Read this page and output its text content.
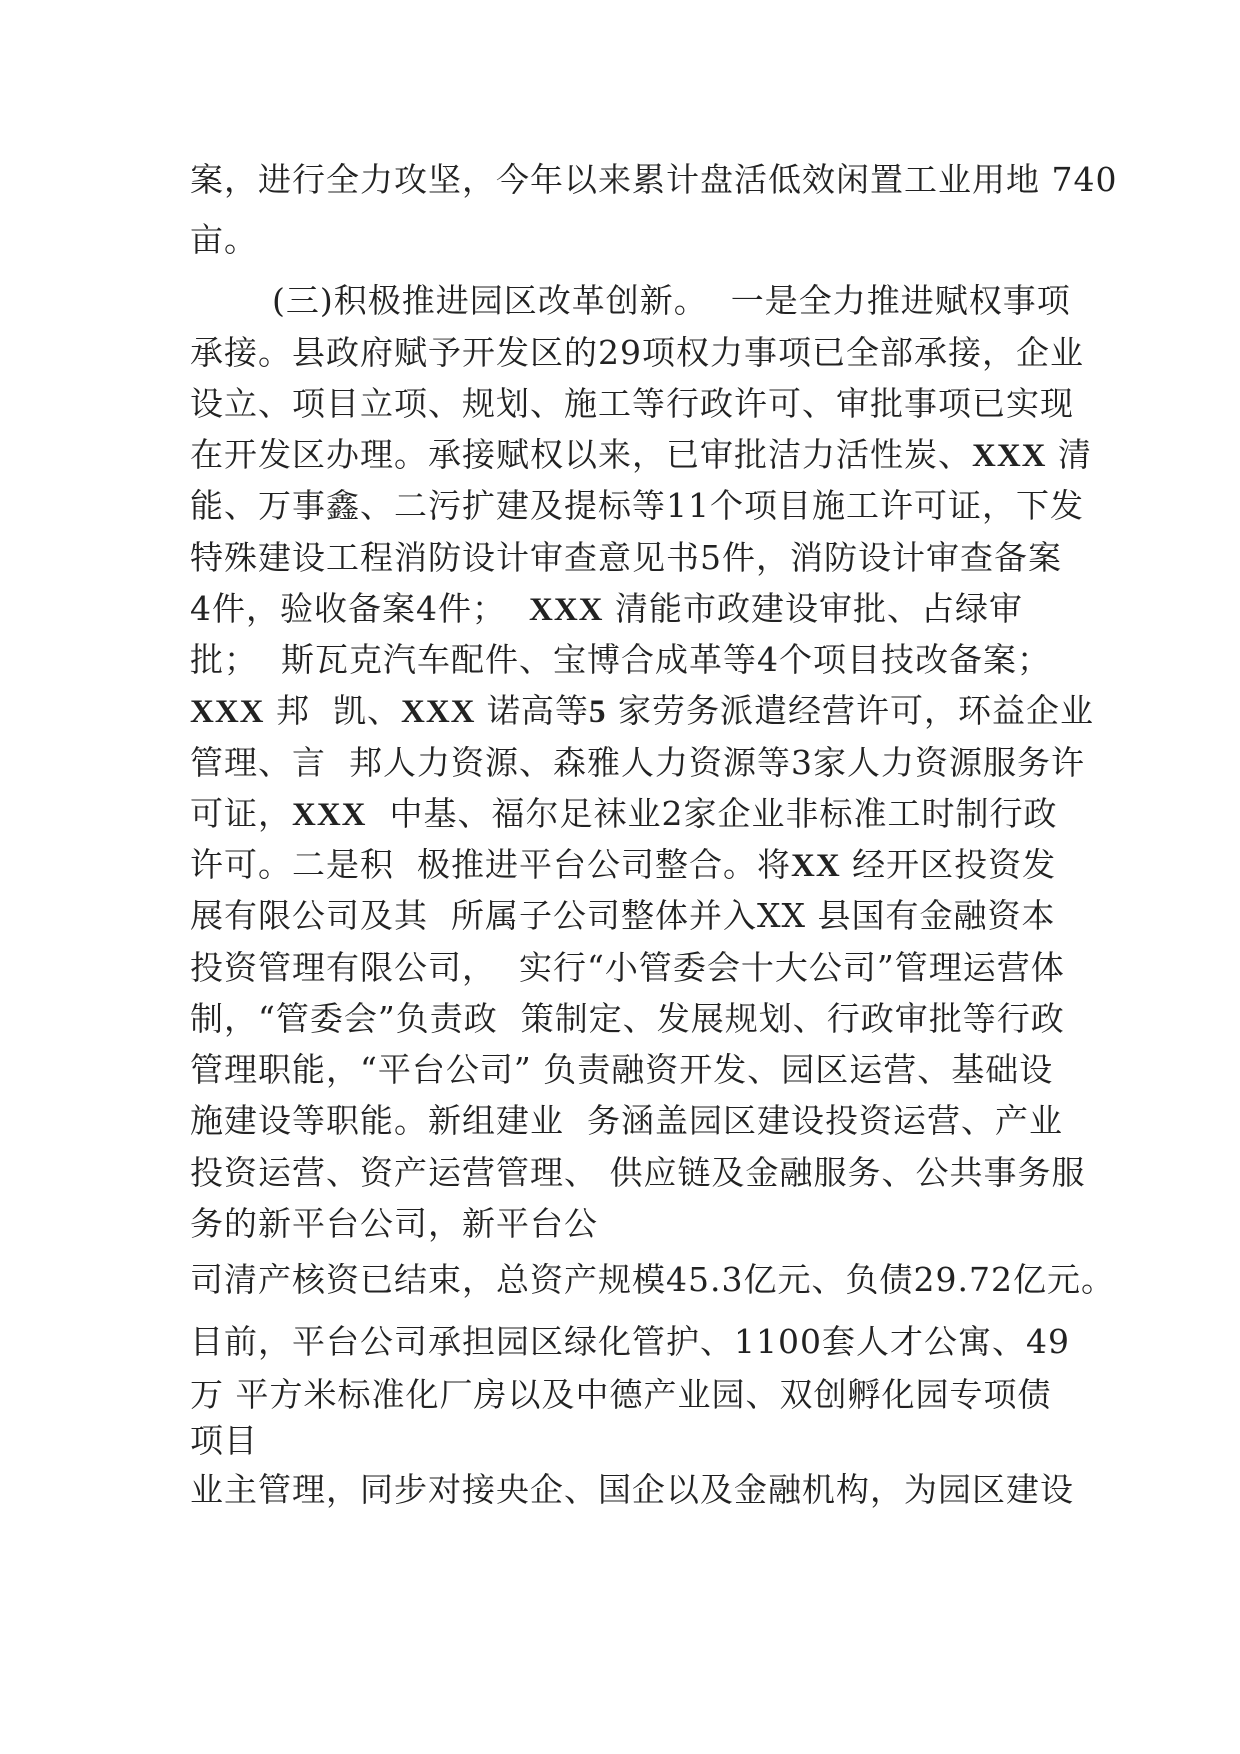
案，进行全力攻坚，今年以来累计盘活低效闲置工业用地 740
亩。
(三)积极推进园区改革创新。  一是全力推进赋权事项
承接。县政府赋予开发区的29项权力事项已全部承接，企业
设立、项目立项、规划、施工等行政许可、审批事项已实现
在开发区办理。承接赋权以来，已审批洁力活性炭、XXX 清
能、万事鑫、二污扩建及提标等11个项目施工许可证，下发
特殊建设工程消防设计审查意见书5件，消防设计审查备案
4件，验收备案4件；  XXX 清能市政建设审批、占绿审
批；  斯瓦克汽车配件、宝博合成革等4个项目技改备案；
XXX 邦  凯、XXX 诺高等5 家劳务派遣经营许可，环益企业
管理、言  邦人力资源、森雅人力资源等3家人力资源服务许
可证，XXX  中基、福尔足袜业2家企业非标准工时制行政
许可。二是积  极推进平台公司整合。将XX 经开区投资发
展有限公司及其  所属子公司整体并入XX 县国有金融资本
投资管理有限公司，  实行“小管委会十大公司”管理运营体
制，“管委会”负责政  策制定、发展规划、行政审批等行政
管理职能，“平台公司” 负责融资开发、园区运营、基础设
施建设等职能。新组建业  务涵盖园区建设投资运营、产业
投资运营、资产运营管理、 供应链及金融服务、公共事务服
务的新平台公司，新平台公
司清产核资已结束，总资产规模45.3亿元、负债29.72亿元。
目前，平台公司承担园区绿化管护、1100套人才公寓、49
万 平方米标准化厂房以及中德产业园、双创孵化园专项债
项目
业主管理，同步对接央企、国企以及金融机构，为园区建设
